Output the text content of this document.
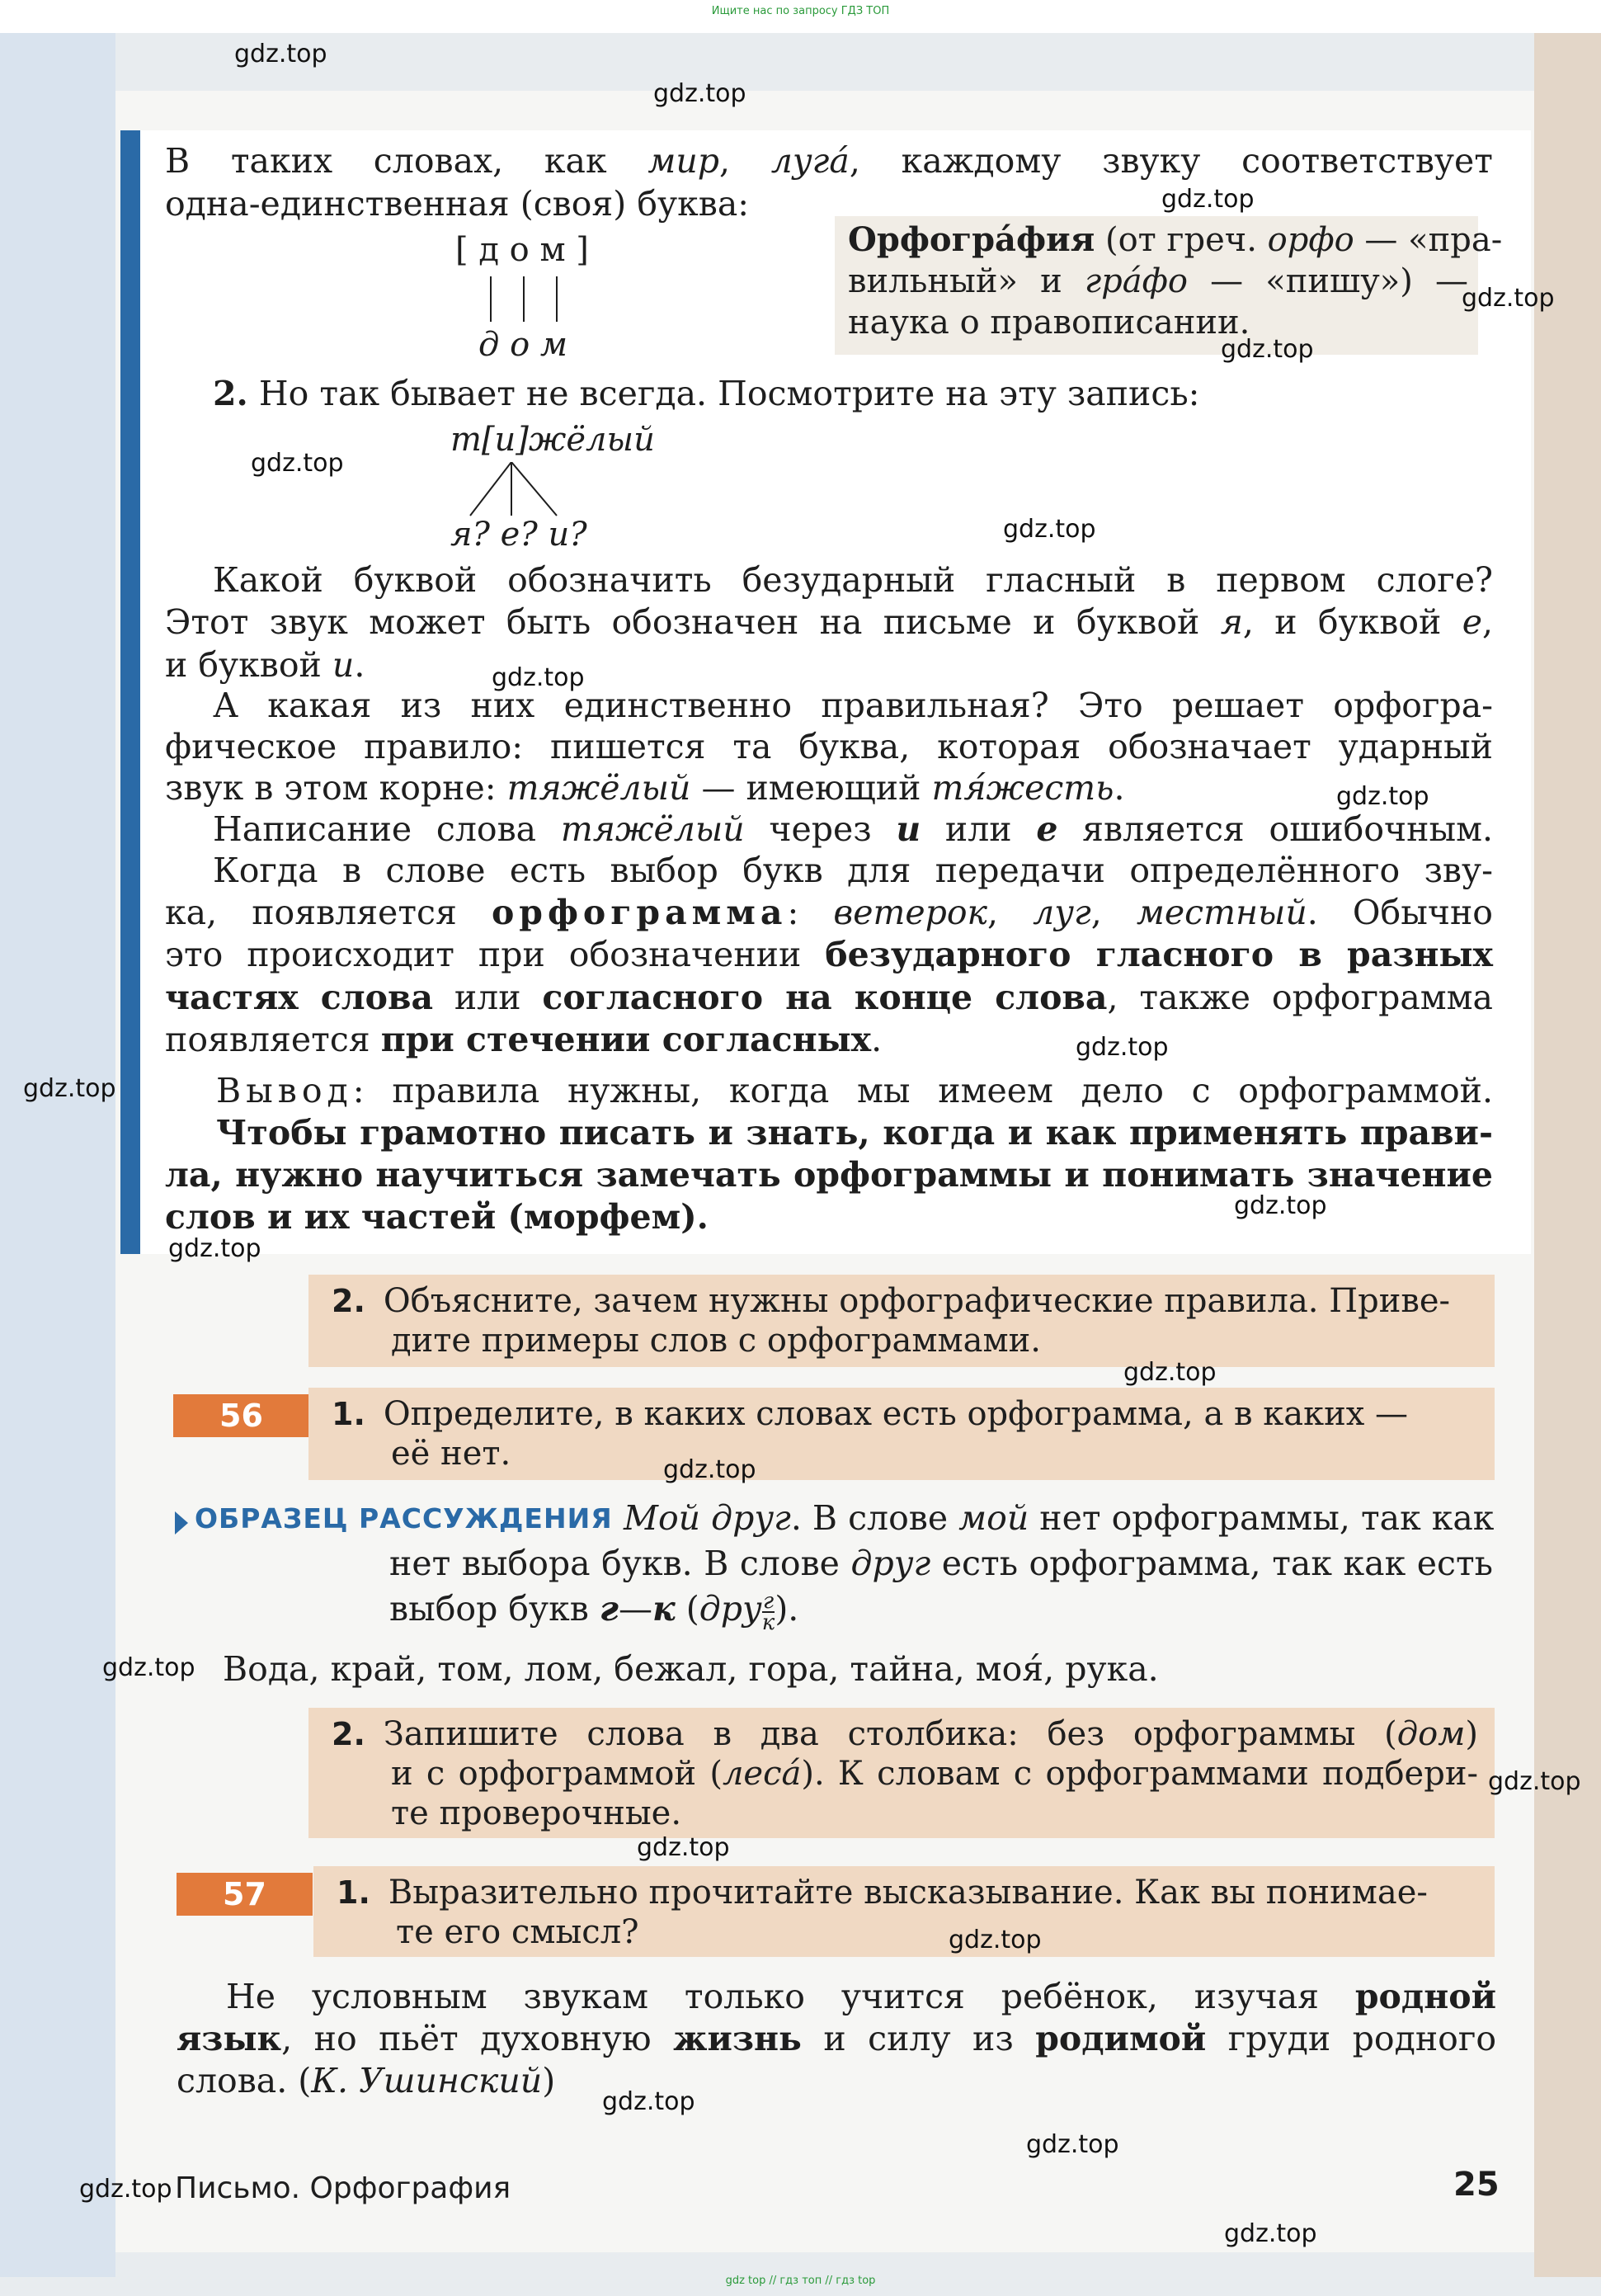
Ищите нас по запросу ГДЗ ТОП
В таких словах, как мир, луга́, каждому звуку соответствует
одна-единственная (своя) буква:
[ д о м ]
д о м
Орфогра́фия (от греч. орфо — «пра-
вильный» и гра́фо — «пишу») —
наука о правописании.
2. Но так бывает не всегда. Посмотрите на эту запись:
т[и]жёлый
я? е? и?
Какой буквой обозначить безударный гласный в первом слоге?
Этот звук может быть обозначен на письме и буквой я, и буквой е,
и буквой и.
А какая из них единственно правильная? Это решает орфогра-
фическое правило: пишется та буква, которая обозначает ударный
звук в этом корне: тяжёлый — имеющий тя́жесть.
Написание слова тяжёлый через и или е является ошибочным.
Когда в слове есть выбор букв для передачи определённого зву-
ка, появляется орфограмма: ветерок, луг, местный. Обычно
это происходит при обозначении безударного гласного в разных
частях слова или согласного на конце слова, также орфограмма
появляется при стечении согласных.
Вывод: правила нужны, когда мы имеем дело с орфограммой.
Чтобы грамотно писать и знать, когда и как применять прави-
ла, нужно научиться замечать орфограммы и понимать значение
слов и их частей (морфем).
2. Объясните, зачем нужны орфографические правила. Приве-
дите примеры слов с орфограммами.
56	1. Определите, в каких словах есть орфограмма, а в каких —
её нет.
ОБРАЗЕЦ РАССУЖДЕНИЯ Мой друг. В слове мой нет орфограммы, так как
нет выбора букв. В слове друг есть орфограмма, так как есть
выбор букв г—к ($дру \frac{г}{к}$ ).
Вода, край, том, лом, бежал, гора, тайна, моя́, рука.
2. Запишите слова в два столбика: без орфограммы (дом)
и с орфограммой (леса́). К словам с орфограммами подбери-
те проверочные.
57	1. Выразительно прочитайте высказывание. Как вы понимае-
те его смысл?
Не условным звукам только учится ребёнок, изучая родной
язык, но пьёт духовную жизнь и силу из родимой груди родного
слова. (К. Ушинский)
Письмо. Орфография	25
gdz.top
gdz.top
gdz.top
gdz.top
gdz.top
gdz.top
gdz.top
gdz.top
gdz.top
gdz.top
gdz.top
gdz.top
gdz.top
gdz.top
gdz.top
gdz.top
gdz.top
gdz.top
gdz.top
gdz.top
gdz.top
gdz.top
gdz.top
gdz top // гдз топ // гдз top
